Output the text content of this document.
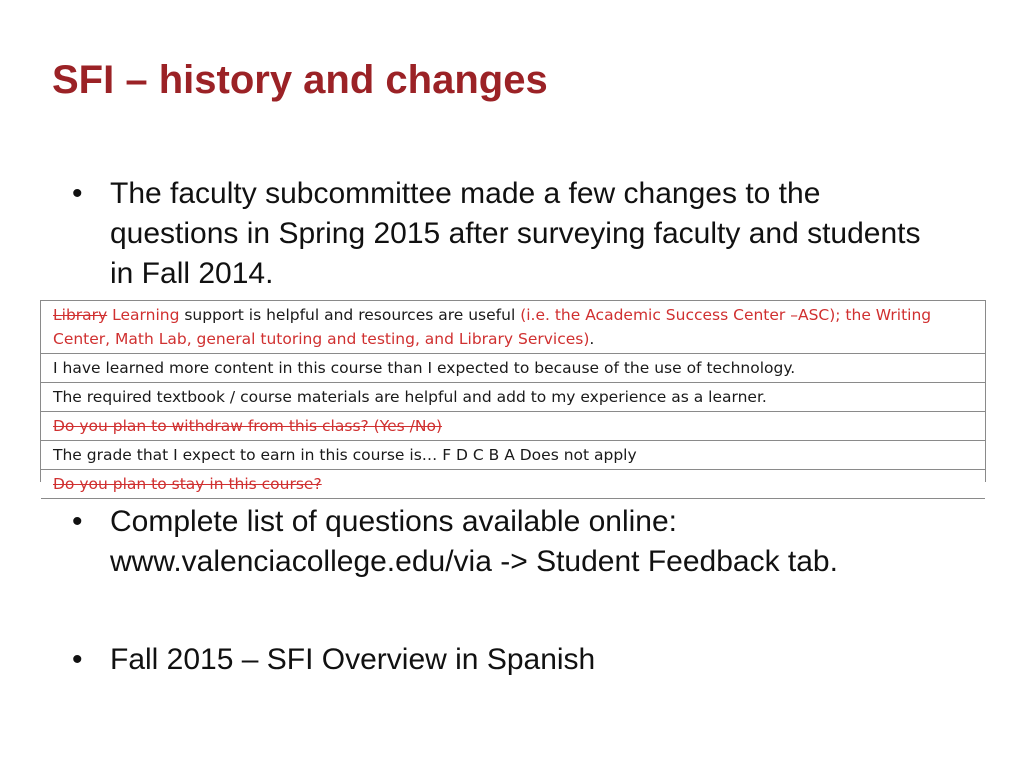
SFI – history and changes
• The faculty subcommittee made a few changes to the questions in Spring 2015 after surveying faculty and students in Fall 2014.
Library Learning support is helpful and resources are useful (i.e. the Academic Success Center –ASC); the Writing Center, Math Lab, general tutoring and testing, and Library Services).
I have learned more content in this course than I expected to because of the use of technology.
The required textbook / course materials are helpful and add to my experience as a learner.
Do you plan to withdraw from this class? (Yes /No)
The grade that I expect to earn in this course is… F D C B A Does not apply
Do you plan to stay in this course?
• Complete list of questions available online: www.valenciacollege.edu/via -> Student Feedback tab.
• Fall 2015 – SFI Overview in Spanish
